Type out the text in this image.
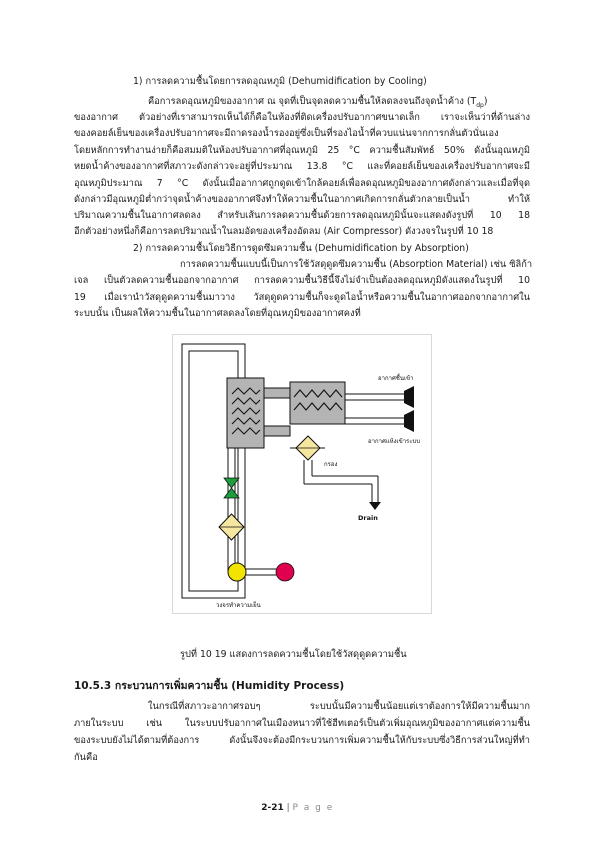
1) การลดความชื้นโดยการลดอุณหภูมิ (Dehumidification by Cooling)
คือการลดอุณหภูมิของอากาศ ณ จุดที่เป็นจุดลดความชื้นให้ลดลงจนถึงจุดน้ำค้าง $(T_{dp})$
ของอากาศ ตัวอย่างที่เราสามารถเห็นได้ก็คือในห้องที่ติดเครื่องปรับอากาศขนาดเล็ก เราจะเห็นว่าที่ด้านล่าง
ของคอยล์เย็นของเครื่องปรับอากาศจะมีถาดรองน้ำรองอยู่ซึ่งเป็นที่รองไอน้ำที่ควบแน่นจากการกลั่นตัวนั่นเอง
โดยหลักการทำงานง่ายก็คือสมมติในห้องปรับอากาศที่อุณหภูมิ 25 °C ความชื้นสัมพัทธ์ 50% ดังนั้นอุณหภูมิ
หยดน้ำค้างของอากาศที่สภาวะดังกล่าวจะอยู่ที่ประมาณ 13.8 °C และที่คอยล์เย็นของเครื่องปรับอากาศจะมี
อุณหภูมิประมาณ 7 °C ดังนั้นเมื่ออากาศถูกดูดเข้าใกล้คอยล์เพื่อลดอุณหภูมิของอากาศดังกล่าวและเมื่อที่จุด
ดังกล่าวมีอุณหภูมิต่ำกว่าจุดน้ำค้างของอากาศจึงทำให้ความชื้นในอากาศเกิดการกลั่นตัวกลายเป็นน้ำ ทำให้
ปริมาณความชื้นในอากาศลดลง สำหรับเส้นการลดความชื้นด้วยการลดอุณหภูมินั้นจะแสดงดังรูปที่ 10 18
อีกตัวอย่างหนึ่งก็คือการลดปริมาณน้ำในลมอัดของเครื่องอัดลม (Air Compressor) ดังวงจรในรูปที่ 10 18
2) การลดความชื้นโดยวิธีการดูดซึมความชื้น (Dehumidification by Absorption)
การลดความชื้นแบบนี้เป็นการใช้วัสดุดูดซึมความชื้น (Absorption Material) เช่น ซิลิก้า
เจล เป็นตัวลดความชื้นออกจากอากาศ การลดความชื้นวิธีนี้จึงไม่จำเป็นต้องลดอุณหภูมิดังแสดงในรูปที่ 10
19 เมื่อเรานำวัสดุดูดความชื้นมาวาง วัสดุดูดความชื้นก็จะดูดไอน้ำหรือความชื้นในอากาศออกจากอากาศใน
ระบบนั้น เป็นผลให้ความชื้นในอากาศลดลงโดยที่อุณหภูมิของอากาศคงที่
อากาศชื้นเข้า
อากาศแห้งเข้าระบบ
กรอง
Drain
วงจรทำความเย็น
รูปที่ 10 19 แสดงการลดความชื้นโดยใช้วัสดุดูดความชื้น
10.5.3 กระบวนการเพิ่มความชื้น (Humidity Process)
ในกรณีที่สภาวะอากาศรอบๆ ระบบนั้นมีความชื้นน้อยแต่เราต้องการให้มีความชื้นมาก
ภายในระบบ เช่น ในระบบปรับอากาศในเมืองหนาวที่ใช้ฮีทเตอร์เป็นตัวเพิ่มอุณหภูมิของอากาศแต่ความชื้น
ของระบบยังไม่ได้ตามที่ต้องการ ดังนั้นจึงจะต้องมีกระบวนการเพิ่มความชื้นให้กับระบบซึ่งวิธีการส่วนใหญ่ที่ทำ
กันคือ
2-21 | P a g e
